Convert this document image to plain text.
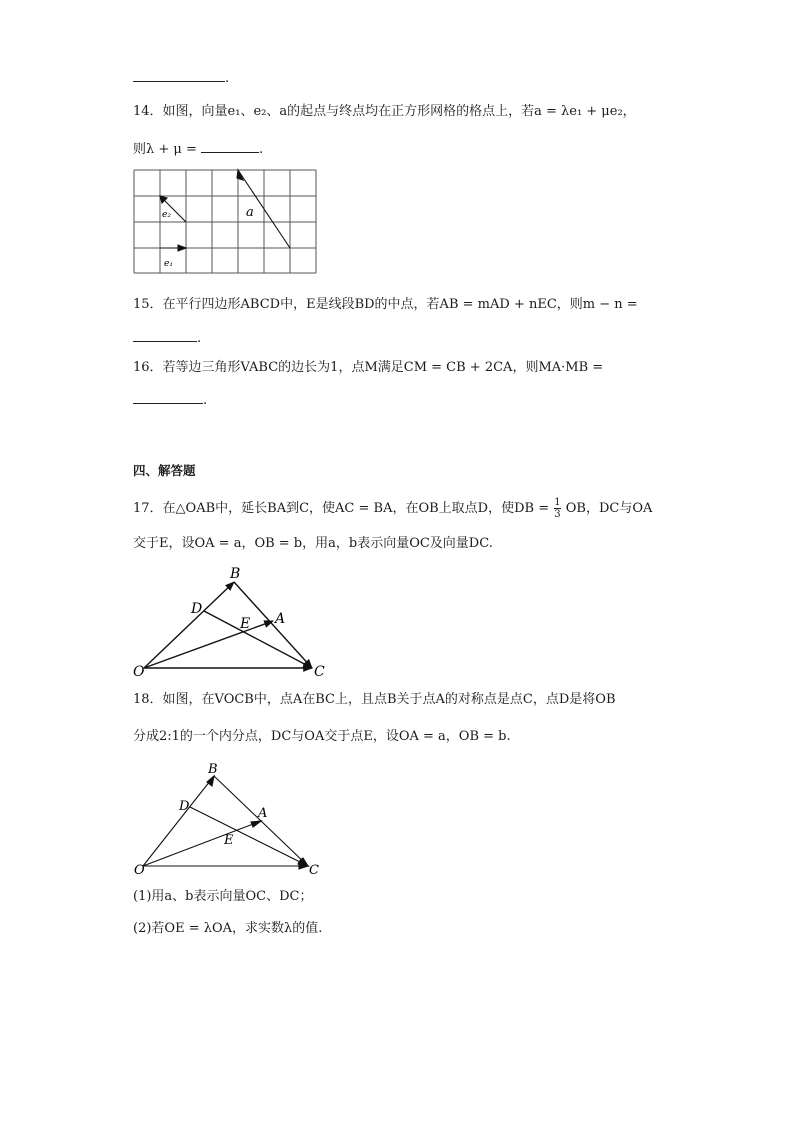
.
14．如图，向量e₁、e₂、a的起点与终点均在正方形网格的格点上，若a = λe₁ + μe₂，
则λ + μ =	.
a
e₂
e₁
15．在平行四边形ABCD中，E是线段BD的中点，若AB = mAD + nEC，则m − n =
.
16．若等边三角形VABC的边长为1，点M满足CM = CB + 2CA，则MA·MB =
.
四、解答题
17．在△OAB中，延长BA到C，使AC = BA，在OB上取点D，使DB = $\frac{1}{3}$ OB，DC与OA
交于E，设OA = a，OB = b，用a，b表示向量OC及向量DC.
O
B
D
E A
C
18．如图，在VOCB中，点A在BC上，且点B关于点A的对称点是点C，点D是将OB
分成2:1的一个内分点，DC与OA交于点E，设OA = a，OB = b.
O
B
D
E
A
C
(1)用a、b表示向量OC、DC；
(2)若OE = λOA，求实数λ的值.
